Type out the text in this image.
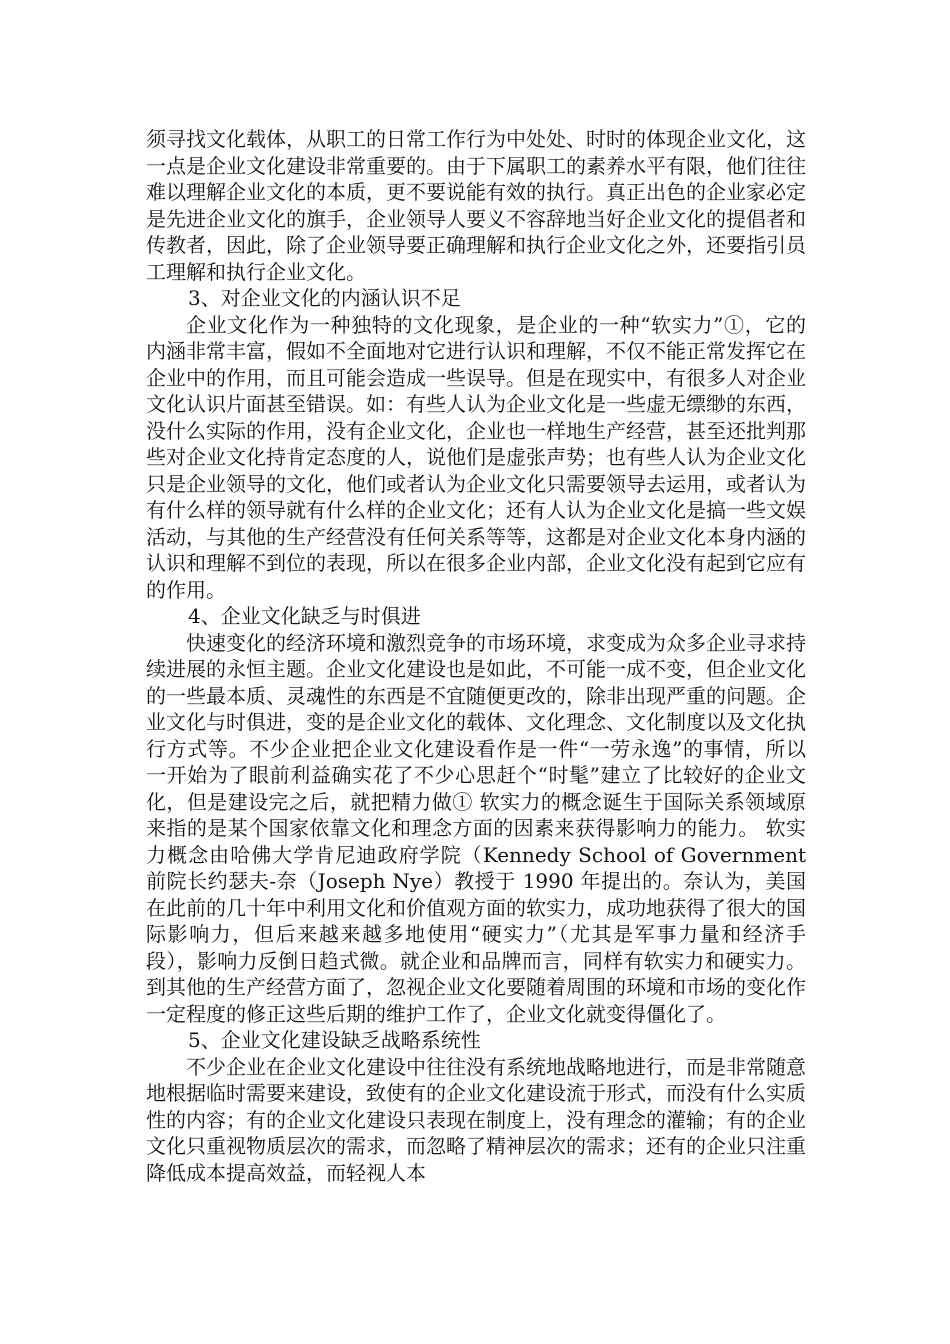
须寻找文化载体，从职工的日常工作行为中处处、时时的体现企业文化，这一点是企业文化建设非常重要的。由于下属职工的素养水平有限，他们往往难以理解企业文化的本质，更不要说能有效的执行。真正出色的企业家必定是先进企业文化的旗手，企业领导人要义不容辞地当好企业文化的提倡者和传教者，因此，除了企业领导要正确理解和执行企业文化之外，还要指引员工理解和执行企业文化。

3、对企业文化的内涵认识不足

企业文化作为一种独特的文化现象，是企业的一种“软实力”①，它的内涵非常丰富，假如不全面地对它进行认识和理解，不仅不能正常发挥它在企业中的作用，而且可能会造成一些误导。但是在现实中，有很多人对企业文化认识片面甚至错误。如：有些人认为企业文化是一些虚无缥缈的东西，没什么实际的作用，没有企业文化，企业也一样地生产经营，甚至还批判那些对企业文化持肯定态度的人，说他们是虚张声势；也有些人认为企业文化只是企业领导的文化，他们或者认为企业文化只需要领导去运用，或者认为有什么样的领导就有什么样的企业文化；还有人认为企业文化是搞一些文娱活动，与其他的生产经营没有任何关系等等，这都是对企业文化本身内涵的认识和理解不到位的表现，所以在很多企业内部，企业文化没有起到它应有的作用。

4、企业文化缺乏与时俱进

快速变化的经济环境和激烈竞争的市场环境，求变成为众多企业寻求持续进展的永恒主题。企业文化建设也是如此，不可能一成不变，但企业文化的一些最本质、灵魂性的东西是不宜随便更改的，除非出现严重的问题。企业文化与时俱进，变的是企业文化的载体、文化理念、文化制度以及文化执行方式等。不少企业把企业文化建设看作是一件“一劳永逸”的事情，所以一开始为了眼前利益确实花了不少心思赶个“时髦”建立了比较好的企业文化，但是建设完之后，就把精力做① 软实力的概念诞生于国际关系领域原来指的是某个国家依靠文化和理念方面的因素来获得影响力的能力。 软实力概念由哈佛大学肯尼迪政府学院（Kennedy School of Government 前院长约瑟夫-奈（Joseph Nye）教授于 1990 年提出的。奈认为，美国在此前的几十年中利用文化和价值观方面的软实力，成功地获得了很大的国际影响力，但后来越来越多地使用“硬实力”（尤其是军事力量和经济手段），影响力反倒日趋式微。就企业和品牌而言，同样有软实力和硬实力。到其他的生产经营方面了，忽视企业文化要随着周围的环境和市场的变化作一定程度的修正这些后期的维护工作了，企业文化就变得僵化了。

5、企业文化建设缺乏战略系统性

不少企业在企业文化建设中往往没有系统地战略地进行，而是非常随意地根据临时需要来建设，致使有的企业文化建设流于形式，而没有什么实质性的内容；有的企业文化建设只表现在制度上，没有理念的灌输；有的企业文化只重视物质层次的需求，而忽略了精神层次的需求；还有的企业只注重降低成本提高效益，而轻视人本
